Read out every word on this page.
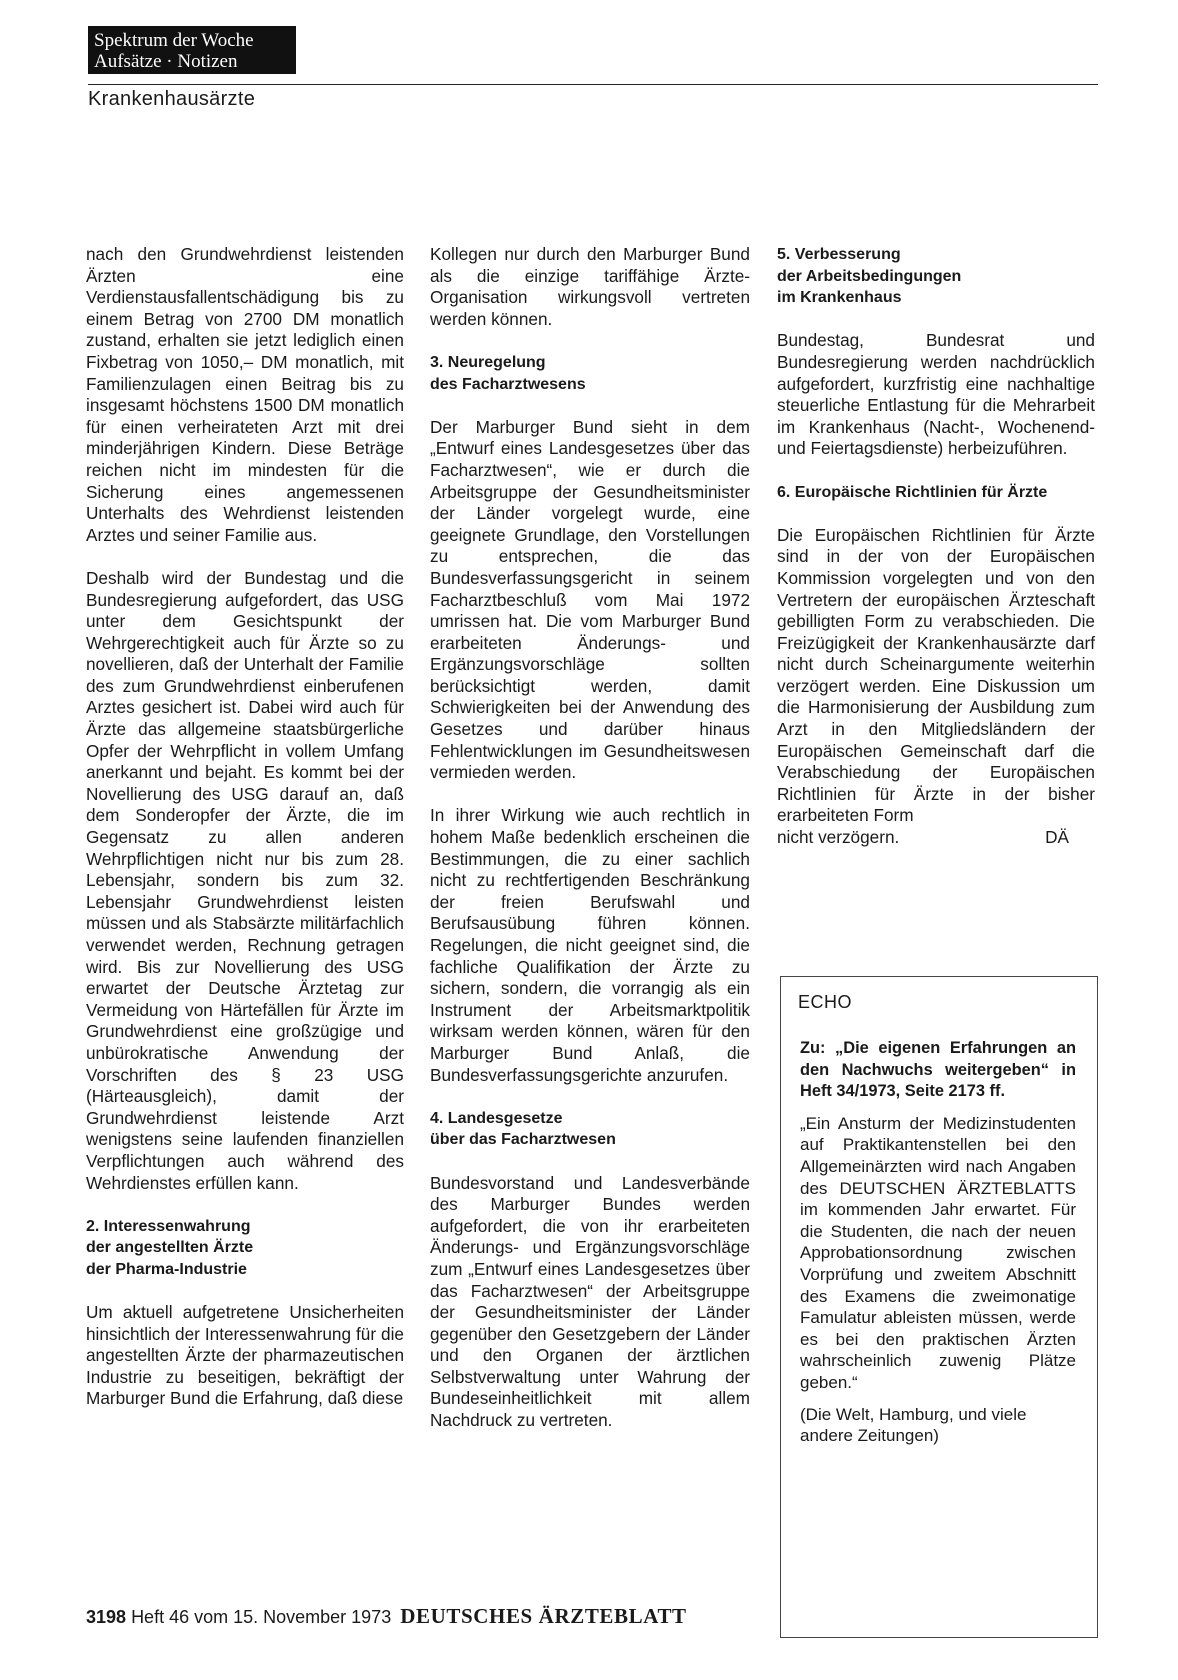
Spektrum der Woche
Aufsätze · Notizen
Krankenhausärzte

nach den Grundwehrdienst leistenden Ärzten eine Verdienstausfallentschädigung bis zu einem Betrag von 2700 DM monatlich zustand, erhalten sie jetzt lediglich einen Fixbetrag von 1050,– DM monatlich, mit Familienzulagen einen Beitrag bis zu insgesamt höchstens 1500 DM monatlich für einen verheirateten Arzt mit drei minderjährigen Kindern. Diese Beträge reichen nicht im mindesten für die Sicherung eines angemessenen Unterhalts des Wehrdienst leistenden Arztes und seiner Familie aus.

Deshalb wird der Bundestag und die Bundesregierung aufgefordert, das USG unter dem Gesichtspunkt der Wehrgerechtigkeit auch für Ärzte so zu novellieren, daß der Unterhalt der Familie des zum Grundwehrdienst einberufenen Arztes gesichert ist. Dabei wird auch für Ärzte das allgemeine staatsbürgerliche Opfer der Wehrpflicht in vollem Umfang anerkannt und bejaht. Es kommt bei der Novellierung des USG darauf an, daß dem Sonderopfer der Ärzte, die im Gegensatz zu allen anderen Wehrpflichtigen nicht nur bis zum 28. Lebensjahr, sondern bis zum 32. Lebensjahr Grundwehrdienst leisten müssen und als Stabsärzte militärfachlich verwendet werden, Rechnung getragen wird. Bis zur Novellierung des USG erwartet der Deutsche Ärztetag zur Vermeidung von Härtefällen für Ärzte im Grundwehrdienst eine großzügige und unbürokratische Anwendung der Vorschriften des § 23 USG (Härteausgleich), damit der Grundwehrdienst leistende Arzt wenigstens seine laufenden finanziellen Verpflichtungen auch während des Wehrdienstes erfüllen kann.

2. Interessenwahrung
der angestellten Ärzte
der Pharma-Industrie

Um aktuell aufgetretene Unsicherheiten hinsichtlich der Interessenwahrung für die angestellten Ärzte der pharmazeutischen Industrie zu beseitigen, bekräftigt der Marburger Bund die Erfahrung, daß diese

Kollegen nur durch den Marburger Bund als die einzige tariffähige Ärzte-Organisation wirkungsvoll vertreten werden können.

3. Neuregelung
des Facharztwesens

Der Marburger Bund sieht in dem „Entwurf eines Landesgesetzes über das Facharztwesen“, wie er durch die Arbeitsgruppe der Gesundheitsminister der Länder vorgelegt wurde, eine geeignete Grundlage, den Vorstellungen zu entsprechen, die das Bundesverfassungsgericht in seinem Facharztbeschluß vom Mai 1972 umrissen hat. Die vom Marburger Bund erarbeiteten Änderungs- und Ergänzungsvorschläge sollten berücksichtigt werden, damit Schwierigkeiten bei der Anwendung des Gesetzes und darüber hinaus Fehlentwicklungen im Gesundheitswesen vermieden werden.

In ihrer Wirkung wie auch rechtlich in hohem Maße bedenklich erscheinen die Bestimmungen, die zu einer sachlich nicht zu rechtfertigenden Beschränkung der freien Berufswahl und Berufsausübung führen können. Regelungen, die nicht geeignet sind, die fachliche Qualifikation der Ärzte zu sichern, sondern, die vorrangig als ein Instrument der Arbeitsmarktpolitik wirksam werden können, wären für den Marburger Bund Anlaß, die Bundesverfassungsgerichte anzurufen.

4. Landesgesetze
über das Facharztwesen

Bundesvorstand und Landesverbände des Marburger Bundes werden aufgefordert, die von ihr erarbeiteten Änderungs- und Ergänzungsvorschläge zum „Entwurf eines Landesgesetzes über das Facharztwesen“ der Arbeitsgruppe der Gesundheitsminister der Länder gegenüber den Gesetzgebern der Länder und den Organen der ärztlichen Selbstverwaltung unter Wahrung der Bundeseinheitlichkeit mit allem Nachdruck zu vertreten.

5. Verbesserung
der Arbeitsbedingungen
im Krankenhaus

Bundestag, Bundesrat und Bundesregierung werden nachdrücklich aufgefordert, kurzfristig eine nachhaltige steuerliche Entlastung für die Mehrarbeit im Krankenhaus (Nacht-, Wochenend- und Feiertagsdienste) herbeizuführen.

6. Europäische Richtlinien für Ärzte

Die Europäischen Richtlinien für Ärzte sind in der von der Europäischen Kommission vorgelegten und von den Vertretern der europäischen Ärzteschaft gebilligten Form zu verabschieden. Die Freizügigkeit der Krankenhausärzte darf nicht durch Scheinargumente weiterhin verzögert werden. Eine Diskussion um die Harmonisierung der Ausbildung zum Arzt in den Mitgliedsländern der Europäischen Gemeinschaft darf die Verabschiedung der Europäischen Richtlinien für Ärzte in der bisher erarbeiteten Form

nicht verzögern.	DÄ
ECHO
Zu: „Die eigenen Erfahrungen an den Nachwuchs weitergeben“ in Heft 34/1973, Seite 2173 ff.

„Ein Ansturm der Medizinstudenten auf Praktikantenstellen bei den Allgemeinärzten wird nach Angaben des DEUTSCHEN ÄRZTEBLATTS im kommenden Jahr erwartet. Für die Studenten, die nach der neuen Approbationsordnung zwischen Vorprüfung und zweitem Abschnitt des Examens die zweimonatige Famulatur ableisten müssen, werde es bei den praktischen Ärzten wahrscheinlich zuwenig Plätze geben.“

(Die Welt, Hamburg, und viele andere Zeitungen)

3198 Heft 46 vom 15. November 1973 DEUTSCHES ÄRZTEBLATT
